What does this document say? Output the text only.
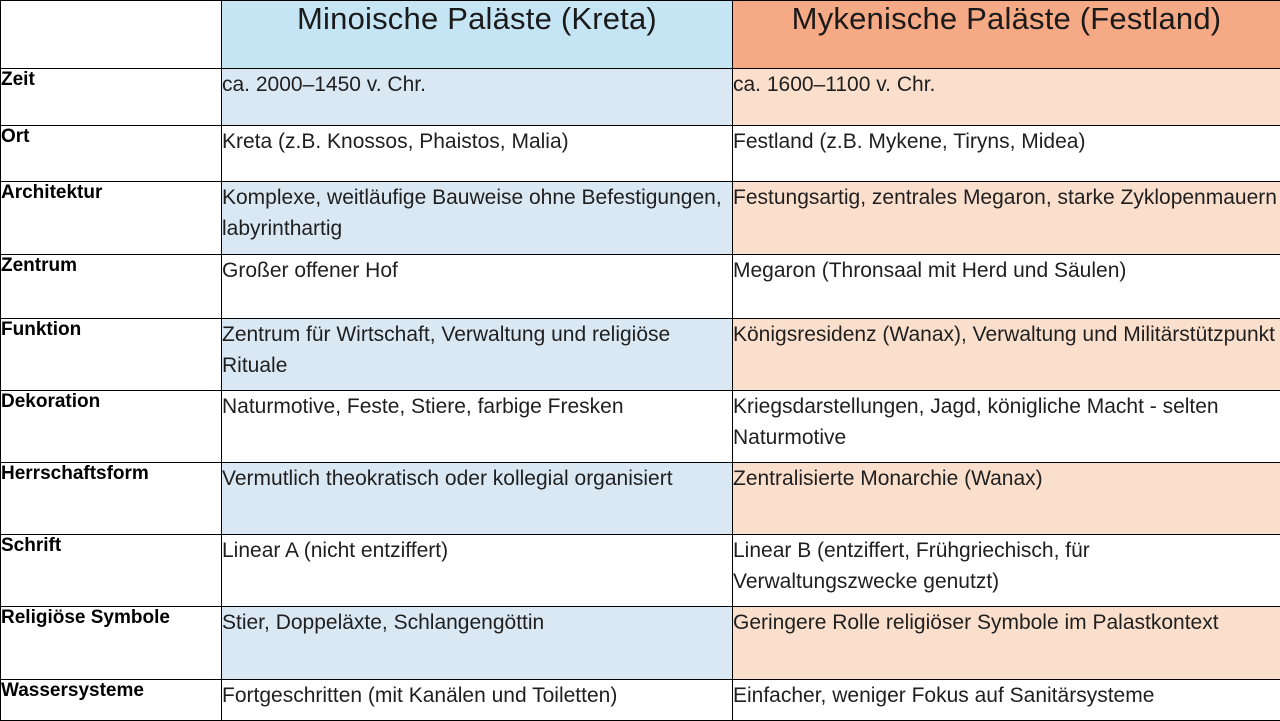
	Minoische Paläste (Kreta)	Mykenische Paläste (Festland)
Zeit	ca. 2000–1450 v. Chr.	ca. 1600–1100 v. Chr.
Ort	Kreta (z.B. Knossos, Phaistos, Malia)	Festland (z.B. Mykene, Tiryns, Midea)
Architektur	Komplexe, weitläufige Bauweise ohne Befestigungen, labyrinthartig	Festungsartig, zentrales Megaron, starke Zyklopenmauern
Zentrum	Großer offener Hof	Megaron (Thronsaal mit Herd und Säulen)
Funktion	Zentrum für Wirtschaft, Verwaltung und religiöse Rituale	Königsresidenz (Wanax), Verwaltung und Militärstützpunkt
Dekoration	Naturmotive, Feste, Stiere, farbige Fresken	Kriegsdarstellungen, Jagd, königliche Macht - selten Naturmotive
Herrschaftsform	Vermutlich theokratisch oder kollegial organisiert	Zentralisierte Monarchie (Wanax)
Schrift	Linear A (nicht entziffert)	Linear B (entziffert, Frühgriechisch, für Verwaltungszwecke genutzt)
Religiöse Symbole	Stier, Doppeläxte, Schlangengöttin	Geringere Rolle religiöser Symbole im Palastkontext
Wassersysteme	Fortgeschritten (mit Kanälen und Toiletten)	Einfacher, weniger Fokus auf Sanitärsysteme
